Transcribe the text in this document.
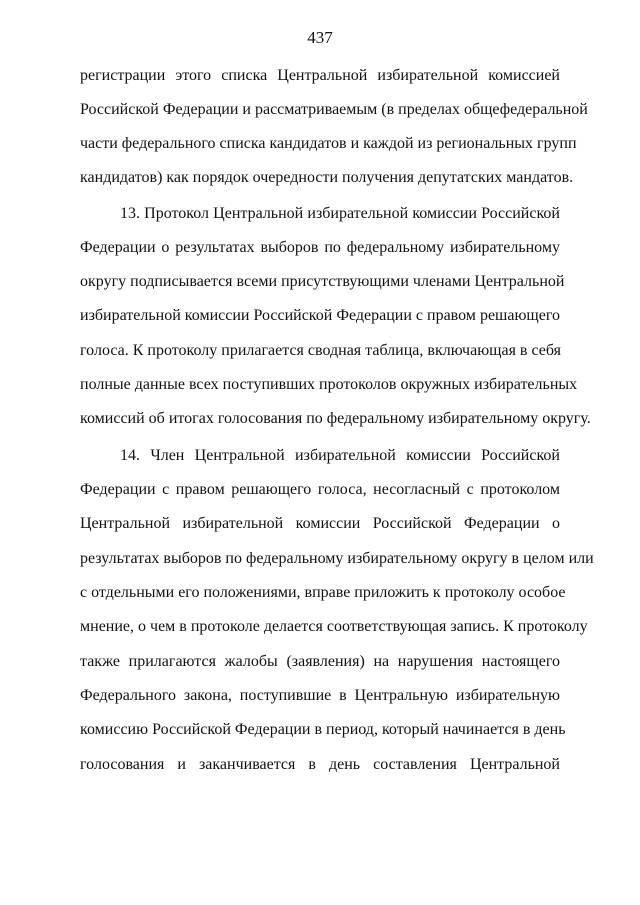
437
регистрации этого списка Центральной избирательной комиссией
Российской Федерации и рассматриваемым (в пределах общефедеральной
части федерального списка кандидатов и каждой из региональных групп
кандидатов) как порядок очередности получения депутатских мандатов.
13. Протокол Центральной избирательной комиссии Российской
Федерации о результатах выборов по федеральному избирательному
округу подписывается всеми присутствующими членами Центральной
избирательной комиссии Российской Федерации с правом решающего
голоса. К протоколу прилагается сводная таблица, включающая в себя
полные данные всех поступивших протоколов окружных избирательных
комиссий об итогах голосования по федеральному избирательному округу.
14. Член Центральной избирательной комиссии Российской
Федерации с правом решающего голоса, несогласный с протоколом
Центральной избирательной комиссии Российской Федерации о
результатах выборов по федеральному избирательному округу в целом или
с отдельными его положениями, вправе приложить к протоколу особое
мнение, о чем в протоколе делается соответствующая запись. К протоколу
также прилагаются жалобы (заявления) на нарушения настоящего
Федерального закона, поступившие в Центральную избирательную
комиссию Российской Федерации в период, который начинается в день
голосования и заканчивается в день составления Центральной
